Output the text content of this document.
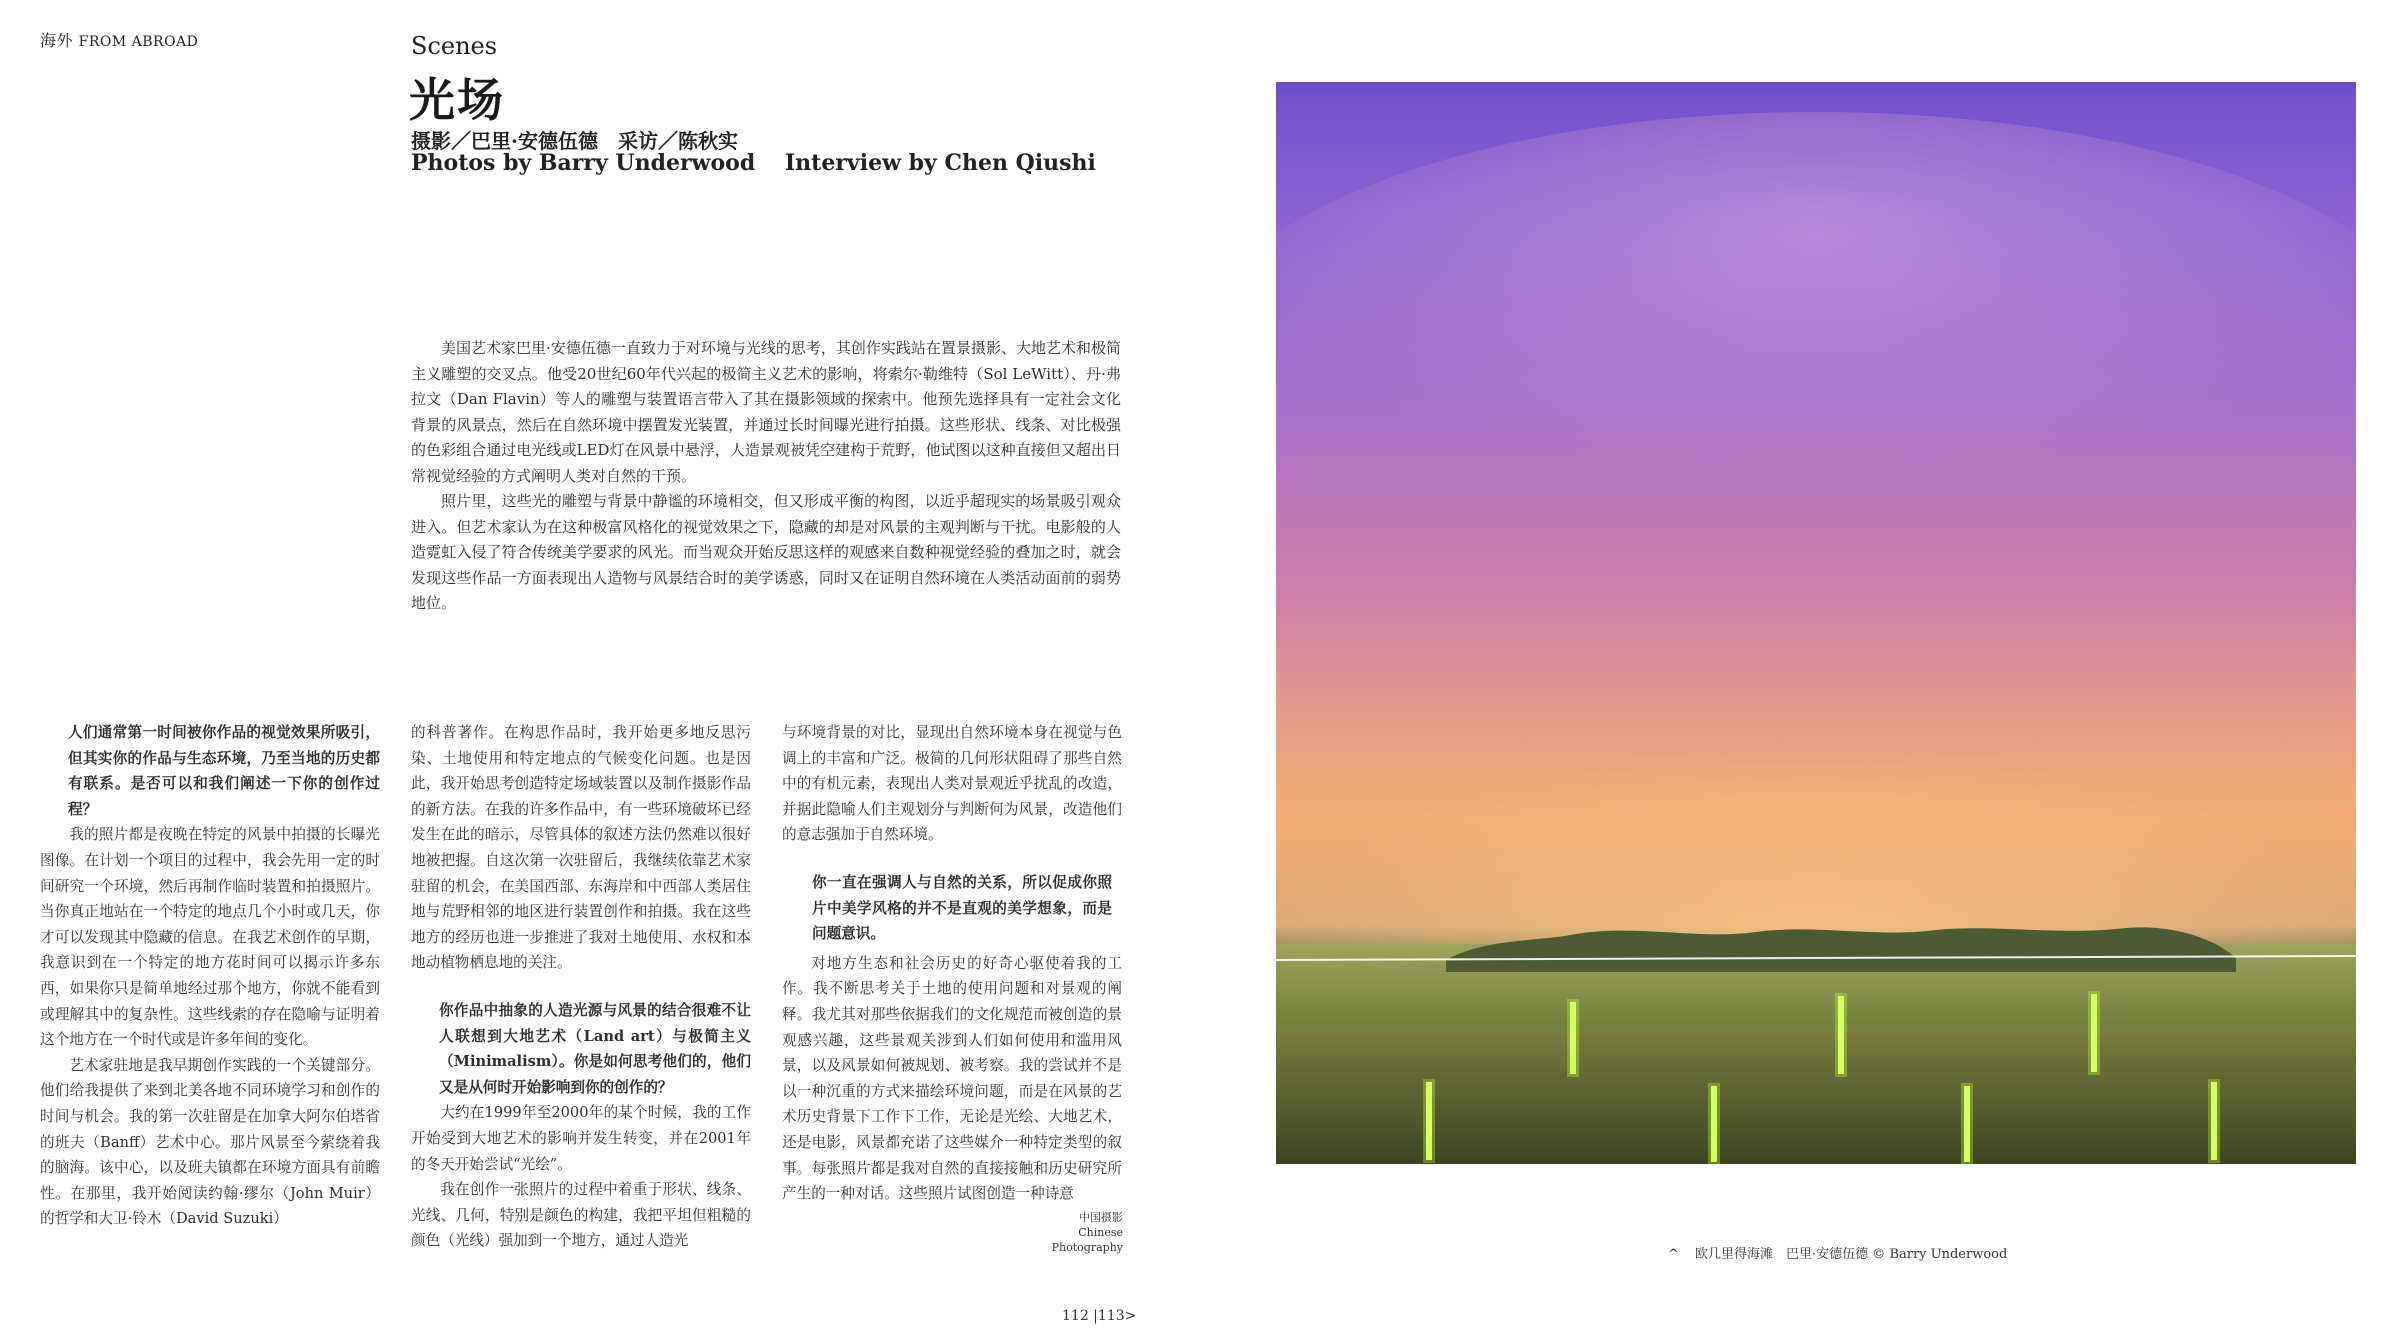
海外 FROM ABROAD	Scenes
光场
摄影／巴里·安德伍德　采访／陈秋实
Photos by Barry Underwood Interview by Chen Qiushi

美国艺术家巴里·安德伍德一直致力于对环境与光线的思考，其创作实践站在置景摄影、大地艺术和极简主义雕塑的交叉点。他受20世纪60年代兴起的极简主义艺术的影响，将索尔·勒维特（Sol LeWitt）、丹·弗拉文（Dan Flavin）等人的雕塑与装置语言带入了其在摄影领域的探索中。他预先选择具有一定社会文化背景的风景点，然后在自然环境中摆置发光装置，并通过长时间曝光进行拍摄。这些形状、线条、对比极强的色彩组合通过电光线或LED灯在风景中悬浮，人造景观被凭空建构于荒野，他试图以这种直接但又超出日常视觉经验的方式阐明人类对自然的干预。

照片里，这些光的雕塑与背景中静谧的环境相交，但又形成平衡的构图，以近乎超现实的场景吸引观众进入。但艺术家认为在这种极富风格化的视觉效果之下，隐藏的却是对风景的主观判断与干扰。电影般的人造霓虹入侵了符合传统美学要求的风光。而当观众开始反思这样的观感来自数种视觉经验的叠加之时，就会发现这些作品一方面表现出人造物与风景结合时的美学诱惑，同时又在证明自然环境在人类活动面前的弱势地位。

人们通常第一时间被你作品的视觉效果所吸引，但其实你的作品与生态环境，乃至当地的历史都有联系。是否可以和我们阐述一下你的创作过程？

我的照片都是夜晚在特定的风景中拍摄的长曝光图像。在计划一个项目的过程中，我会先用一定的时间研究一个环境，然后再制作临时装置和拍摄照片。当你真正地站在一个特定的地点几个小时或几天，你才可以发现其中隐藏的信息。在我艺术创作的早期，我意识到在一个特定的地方花时间可以揭示许多东西，如果你只是简单地经过那个地方，你就不能看到或理解其中的复杂性。这些线索的存在隐喻与证明着这个地方在一个时代或是许多年间的变化。

艺术家驻地是我早期创作实践的一个关键部分。他们给我提供了来到北美各地不同环境学习和创作的时间与机会。我的第一次驻留是在加拿大阿尔伯塔省的班夫（Banff）艺术中心。那片风景至今萦绕着我的脑海。该中心，以及班夫镇都在环境方面具有前瞻性。在那里，我开始阅读约翰·缪尔（John Muir）的哲学和大卫·铃木（David Suzuki）

的科普著作。在构思作品时，我开始更多地反思污染、土地使用和特定地点的气候变化问题。也是因此，我开始思考创造特定场域装置以及制作摄影作品的新方法。在我的许多作品中，有一些环境破坏已经发生在此的暗示，尽管具体的叙述方法仍然难以很好地被把握。自这次第一次驻留后，我继续依靠艺术家驻留的机会，在美国西部、东海岸和中西部人类居住地与荒野相邻的地区进行装置创作和拍摄。我在这些地方的经历也进一步推进了我对土地使用、水权和本地动植物栖息地的关注。

你作品中抽象的人造光源与风景的结合很难不让人联想到大地艺术（Land art）与极简主义（Minimalism）。你是如何思考他们的，他们又是从何时开始影响到你的创作的？

大约在1999年至2000年的某个时候，我的工作开始受到大地艺术的影响并发生转变，并在2001年的冬天开始尝试“光绘”。

我在创作一张照片的过程中着重于形状、线条、光线、几何，特别是颜色的构建，我把平坦但粗糙的颜色（光线）强加到一个地方，通过人造光

与环境背景的对比，显现出自然环境本身在视觉与色调上的丰富和广泛。极简的几何形状阻碍了那些自然中的有机元素，表现出人类对景观近乎扰乱的改造，并据此隐喻人们主观划分与判断何为风景，改造他们的意志强加于自然环境。

你一直在强调人与自然的关系，所以促成你照片中美学风格的并不是直观的美学想象，而是问题意识。

对地方生态和社会历史的好奇心驱使着我的工作。我不断思考关于土地的使用问题和对景观的阐释。我尤其对那些依据我们的文化规范而被创造的景观感兴趣，这些景观关涉到人们如何使用和滥用风景，以及风景如何被规划、被考察。我的尝试并不是以一种沉重的方式来描绘环境问题，而是在风景的艺术历史背景下工作下工作，无论是光绘、大地艺术，还是电影，风景都充诺了这些媒介一种特定类型的叙事。每张照片都是我对自然的直接接触和历史研究所产生的一种对话。这些照片试图创造一种诗意

中国摄影
Chinese
Photography
112 |113>
^ 欧几里得海滩　巴里·安德伍德 © Barry Underwood
